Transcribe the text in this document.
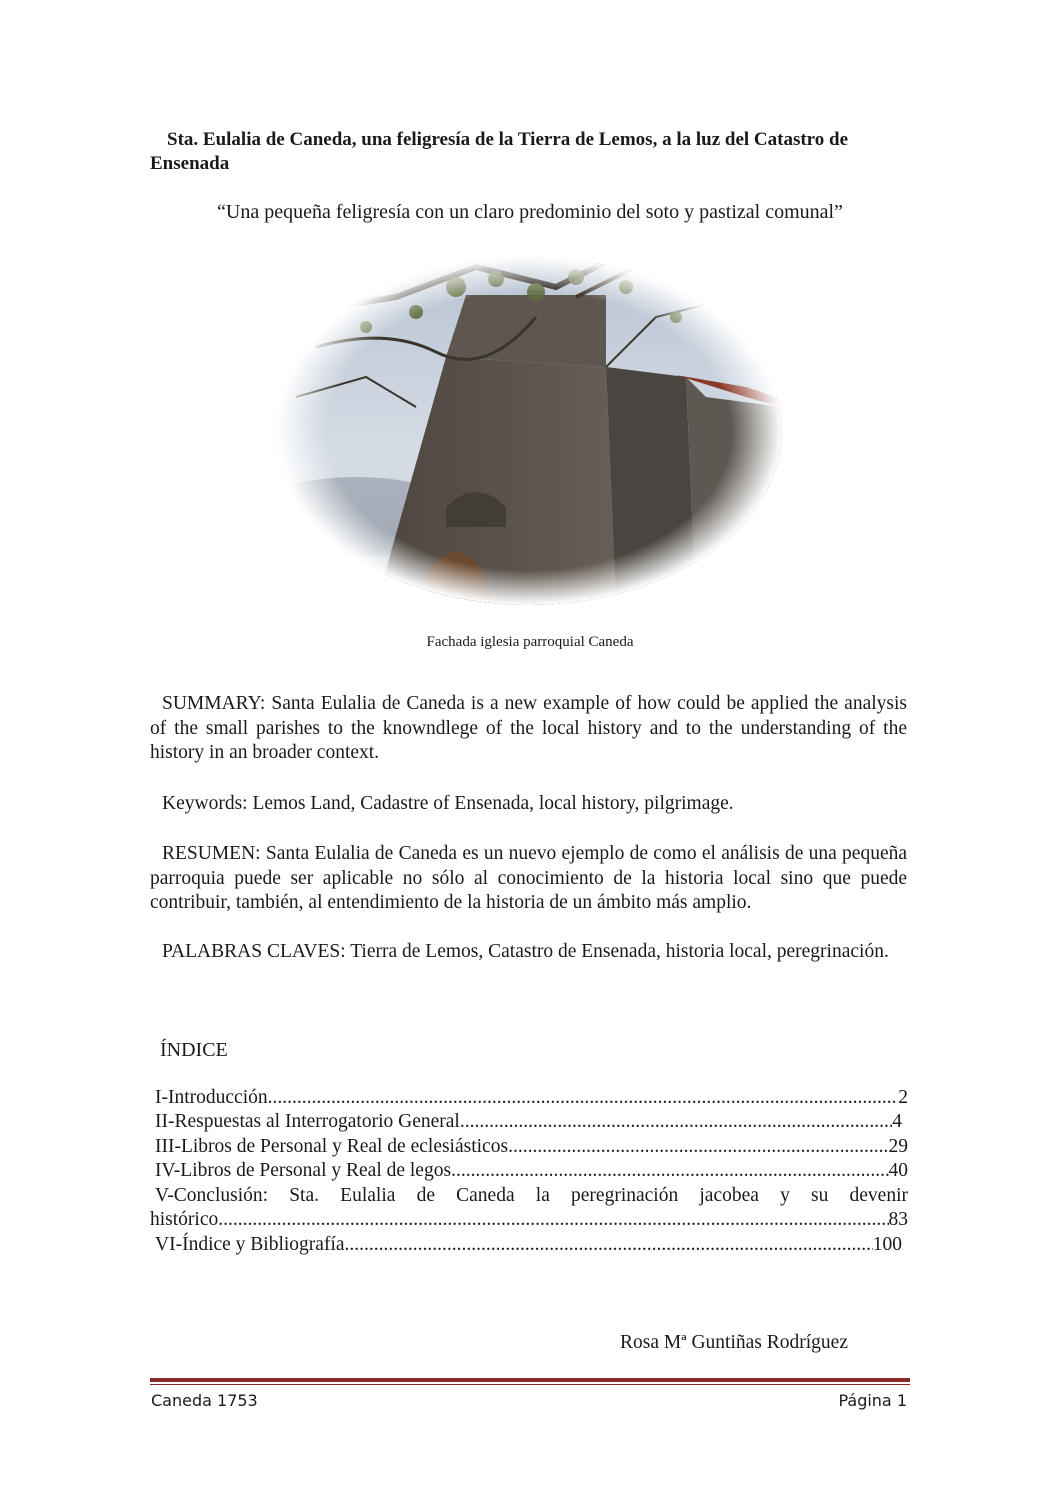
Sta. Eulalia de Caneda, una feligresía de la Tierra de Lemos, a la luz del Catastro de Ensenada

“Una pequeña feligresía con un claro predominio del soto y pastizal comunal”
Fachada iglesia parroquial Caneda

SUMMARY: Santa Eulalia de Caneda is a new example of how could be applied the analysis of the small parishes to the knowndlege of the local history and to the understanding of the history in an broader context.

Keywords: Lemos Land, Cadastre of Ensenada, local history, pilgrimage.

RESUMEN: Santa Eulalia de Caneda es un nuevo ejemplo de como el análisis de una pequeña parroquia puede ser aplicable no sólo al conocimiento de la historia local sino que puede contribuir, también, al entendimiento de la historia de un ámbito más amplio.

PALABRAS CLAVES: Tierra de Lemos, Catastro de Ensenada, historia local, peregrinación.

ÍNDICE
I-Introducción .....	2
II-Respuestas al Interrogatorio General .....	4
III-Libros de Personal y Real de eclesiásticos .....	29
IV-Libros de Personal y Real de legos .....	40
V-Conclusión: Sta. Eulalia de Caneda la peregrinación jacobea y su devenir
histórico .....	83
VI-Índice y Bibliografía .....	100
Rosa Mª Guntiñas Rodríguez
Caneda 1753	Página 1
